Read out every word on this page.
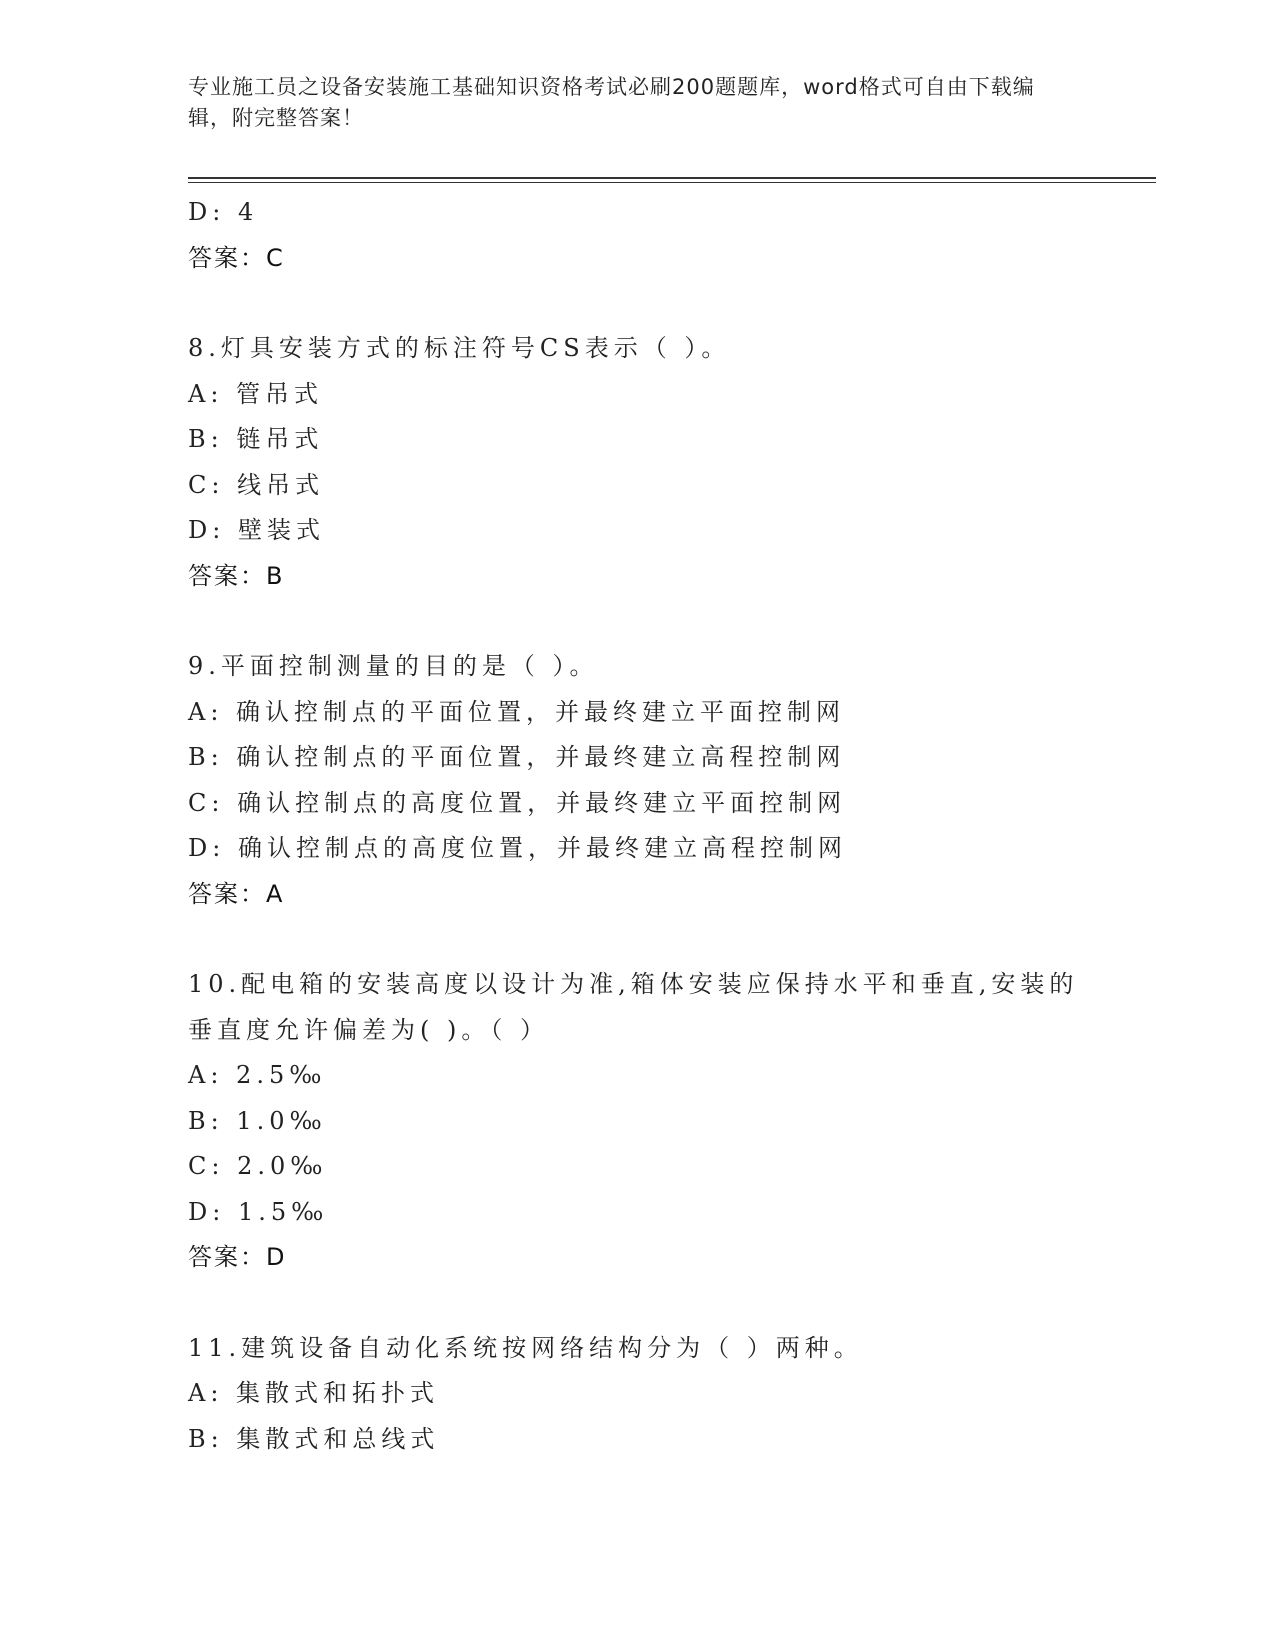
专业施工员之设备安装施工基础知识资格考试必刷200题题库，word格式可自由下载编辑，附完整答案！
D: 4
答案：C
8.灯具安装方式的标注符号CS表示（ ）。
A: 管吊式
B: 链吊式
C: 线吊式
D: 壁装式
答案：B
9.平面控制测量的目的是（ ）。
A: 确认控制点的平面位置，并最终建立平面控制网
B: 确认控制点的平面位置，并最终建立高程控制网
C: 确认控制点的高度位置，并最终建立平面控制网
D: 确认控制点的高度位置，并最终建立高程控制网
答案：A
10.配电箱的安装高度以设计为准,箱体安装应保持水平和垂直,安装的垂直度允许偏差为( )。（ ）
A: 2.5‰
B: 1.0‰
C: 2.0‰
D: 1.5‰
答案：D
11.建筑设备自动化系统按网络结构分为（ ）两种。
A: 集散式和拓扑式
B: 集散式和总线式
